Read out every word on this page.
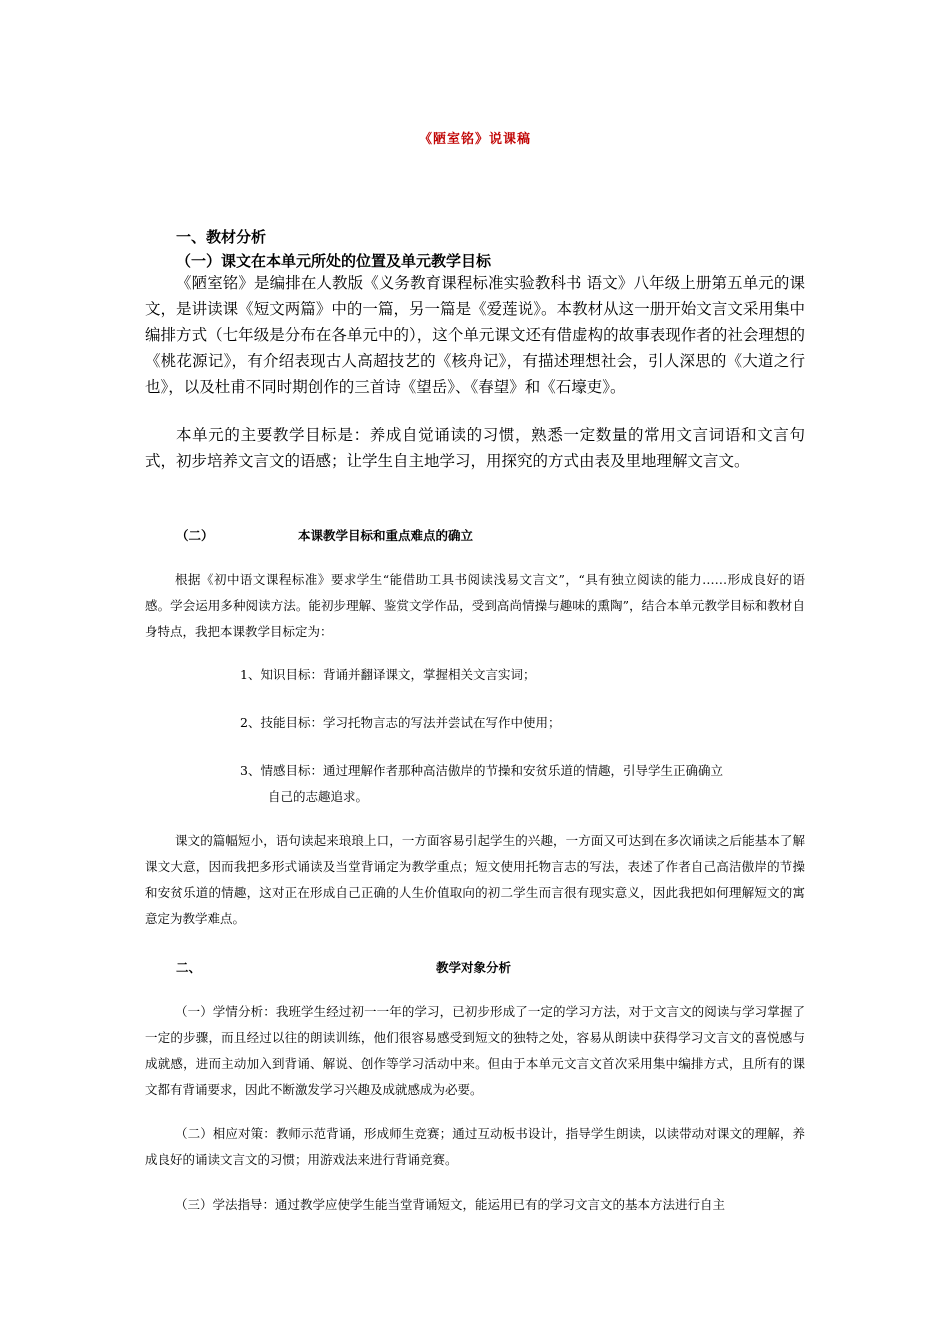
《陋室铭》说课稿
一、教材分析
（一）课文在本单元所处的位置及单元教学目标
《陋室铭》是编排在人教版《义务教育课程标准实验教科书 语文》八年级上册第五单元的课文，是讲读课《短文两篇》中的一篇，另一篇是《爱莲说》。本教材从这一册开始文言文采用集中编排方式（七年级是分布在各单元中的），这个单元课文还有借虚构的故事表现作者的社会理想的《桃花源记》，有介绍表现古人高超技艺的《核舟记》，有描述理想社会，引人深思的《大道之行也》，以及杜甫不同时期创作的三首诗《望岳》、《春望》和《石壕吏》。
本单元的主要教学目标是：养成自觉诵读的习惯，熟悉一定数量的常用文言词语和文言句式，初步培养文言文的语感；让学生自主地学习，用探究的方式由表及里地理解文言文。
（二）	本课教学目标和重点难点的确立
根据《初中语文课程标准》要求学生“能借助工具书阅读浅易文言文”，“具有独立阅读的能力……形成良好的语感。学会运用多种阅读方法。能初步理解、鉴赏文学作品，受到高尚情操与趣味的熏陶”，结合本单元教学目标和教材自身特点，我把本课教学目标定为：
1、知识目标：背诵并翻译课文，掌握相关文言实词；
2、技能目标：学习托物言志的写法并尝试在写作中使用；
3、情感目标：通过理解作者那种高洁傲岸的节操和安贫乐道的情趣，引导学生正确确立
自己的志趣追求。
课文的篇幅短小，语句读起来琅琅上口，一方面容易引起学生的兴趣，一方面又可达到在多次诵读之后能基本了解课文大意，因而我把多形式诵读及当堂背诵定为教学重点；短文使用托物言志的写法，表述了作者自己高洁傲岸的节操和安贫乐道的情趣，这对正在形成自己正确的人生价值取向的初二学生而言很有现实意义，因此我把如何理解短文的寓意定为教学难点。
二、	教学对象分析
（一）学情分析：我班学生经过初一一年的学习，已初步形成了一定的学习方法，对于文言文的阅读与学习掌握了一定的步骤，而且经过以往的朗读训练，他们很容易感受到短文的独特之处，容易从朗读中获得学习文言文的喜悦感与成就感，进而主动加入到背诵、解说、创作等学习活动中来。但由于本单元文言文首次采用集中编排方式，且所有的课文都有背诵要求，因此不断激发学习兴趣及成就感成为必要。
（二）相应对策：教师示范背诵，形成师生竞赛；通过互动板书设计，指导学生朗读，以读带动对课文的理解，养成良好的诵读文言文的习惯；用游戏法来进行背诵竞赛。
（三）学法指导：通过教学应使学生能当堂背诵短文，能运用已有的学习文言文的基本方法进行自主
